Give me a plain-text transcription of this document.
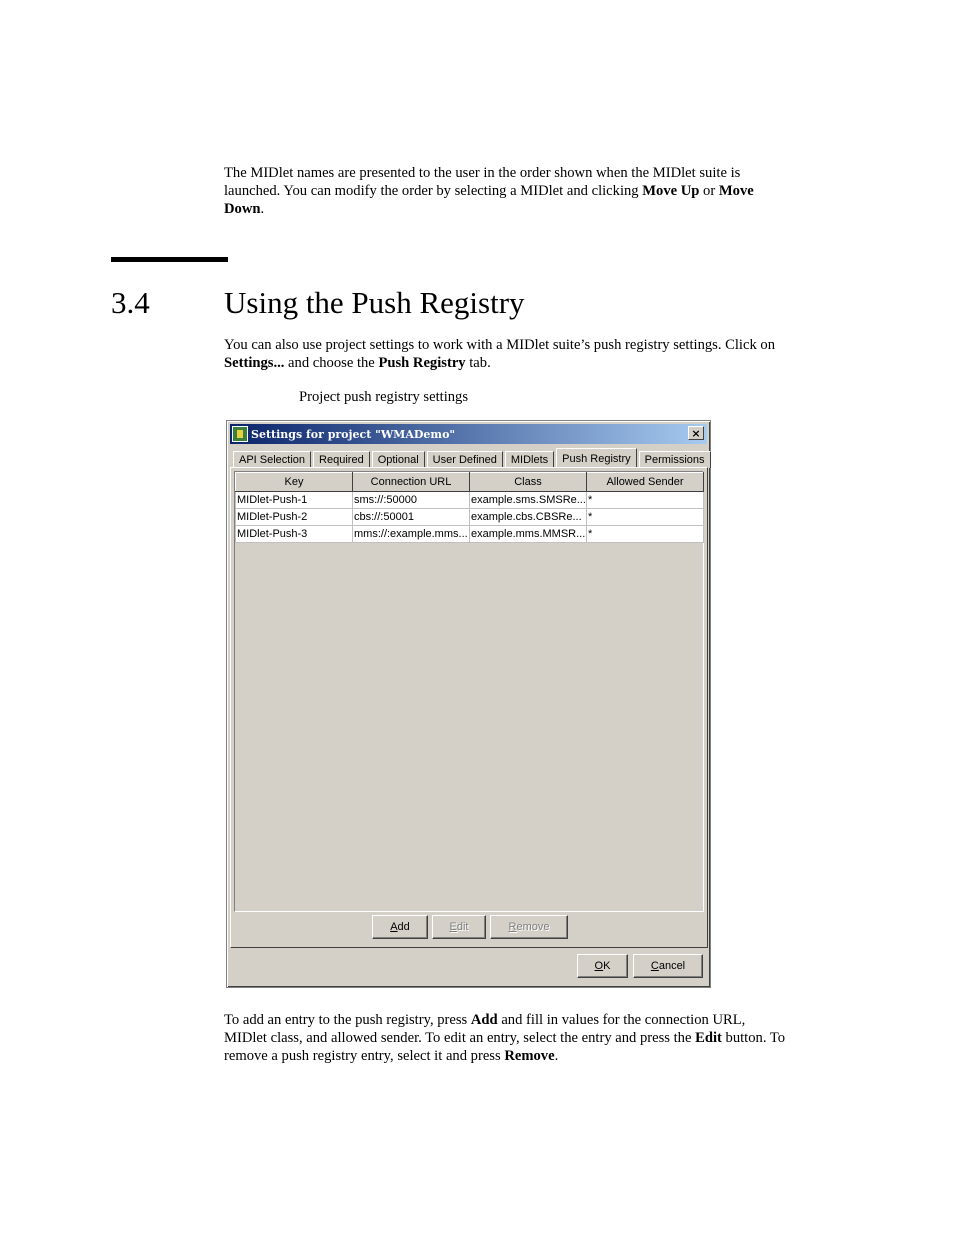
The MIDlet names are presented to the user in the order shown when the MIDlet suite is launched. You can modify the order by selecting a MIDlet and clicking Move Up or Move Down.

3.4 Using the Push Registry

You can also use project settings to work with a MIDlet suite’s push registry settings. Click on Settings... and choose the Push Registry tab.

Project push registry settings
Settings for project "WMADemo"	×
API Selection	Required	Optional	User Defined	MIDlets	Push Registry	Permissions
Key	Connection URL	Class	Allowed Sender
MIDlet-Push-1	sms://:50000	example.sms.SMSRe...	*
MIDlet-Push-2	cbs://:50001	example.cbs.CBSRe...	*
MIDlet-Push-3	mms://:example.mms...	example.mms.MMSR...	*
A dd	E dit	R emove
O K	C ancel

To add an entry to the push registry, press Add and fill in values for the connection URL, MIDlet class, and allowed sender. To edit an entry, select the entry and press the Edit button. To remove a push registry entry, select it and press Remove.
